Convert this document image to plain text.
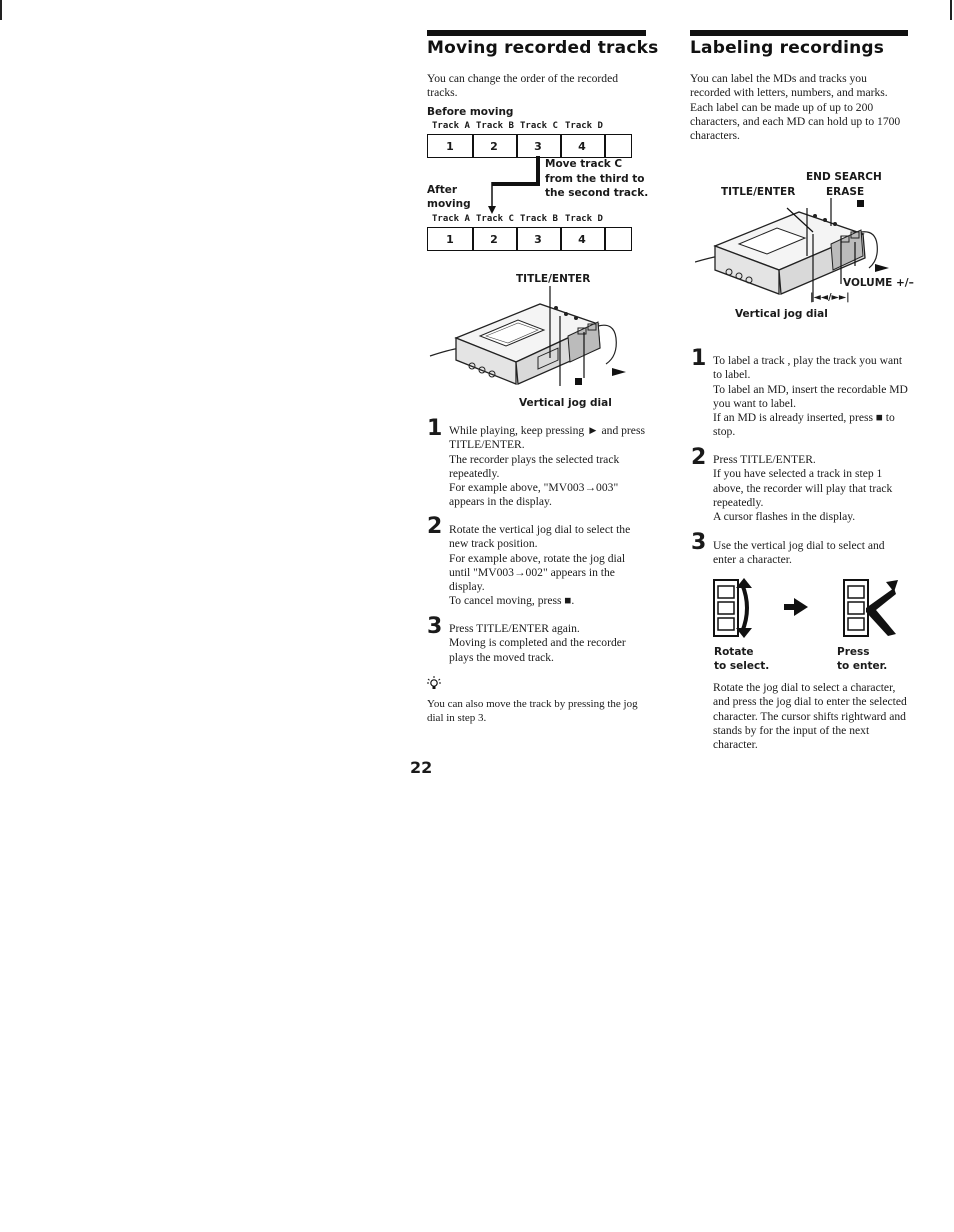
Moving recorded tracks
You can change the order of the recorded tracks.
Before moving
Track A Track B Track C Track D
1	2	3	4
Move track C
from the third to
the second track.
After
moving
Track A Track C Track B Track D
1	2	3	4
TITLE/ENTER
Vertical jog dial
1 While playing, keep pressing ► and press TITLE/ENTER.

The recorder plays the selected track repeatedly.

For example above, "MV003→003" appears in the display.

2 Rotate the vertical jog dial to select the new track position.

For example above, rotate the jog dial until "MV003→002" appears in the display.

To cancel moving, press ■.

3 Press TITLE/ENTER again.

Moving is completed and the recorder plays the moved track.

You can also move the track by pressing the jog dial in step 3.
22
Labeling recordings
You can label the MDs and tracks you recorded with letters, numbers, and marks. Each label can be made up of up to 200 characters, and each MD can hold up to 1700 characters.
END SEARCH
TITLE/ENTER	ERASE
VOLUME +/–
|◄◄/►►|
Vertical jog dial
1 To label a track , play the track you want to label.

To label an MD, insert the recordable MD you want to label.

If an MD is already inserted, press ■ to stop.

2 Press TITLE/ENTER.

If you have selected a track in step 1 above, the recorder will play that track repeatedly.

A cursor flashes in the display.

3 Use the vertical jog dial to select and enter a character.

Rotate
to select.
Press
to enter.
Rotate the jog dial to select a character, and press the jog dial to enter the selected character. The cursor shifts rightward and stands by for the input of the next character.
